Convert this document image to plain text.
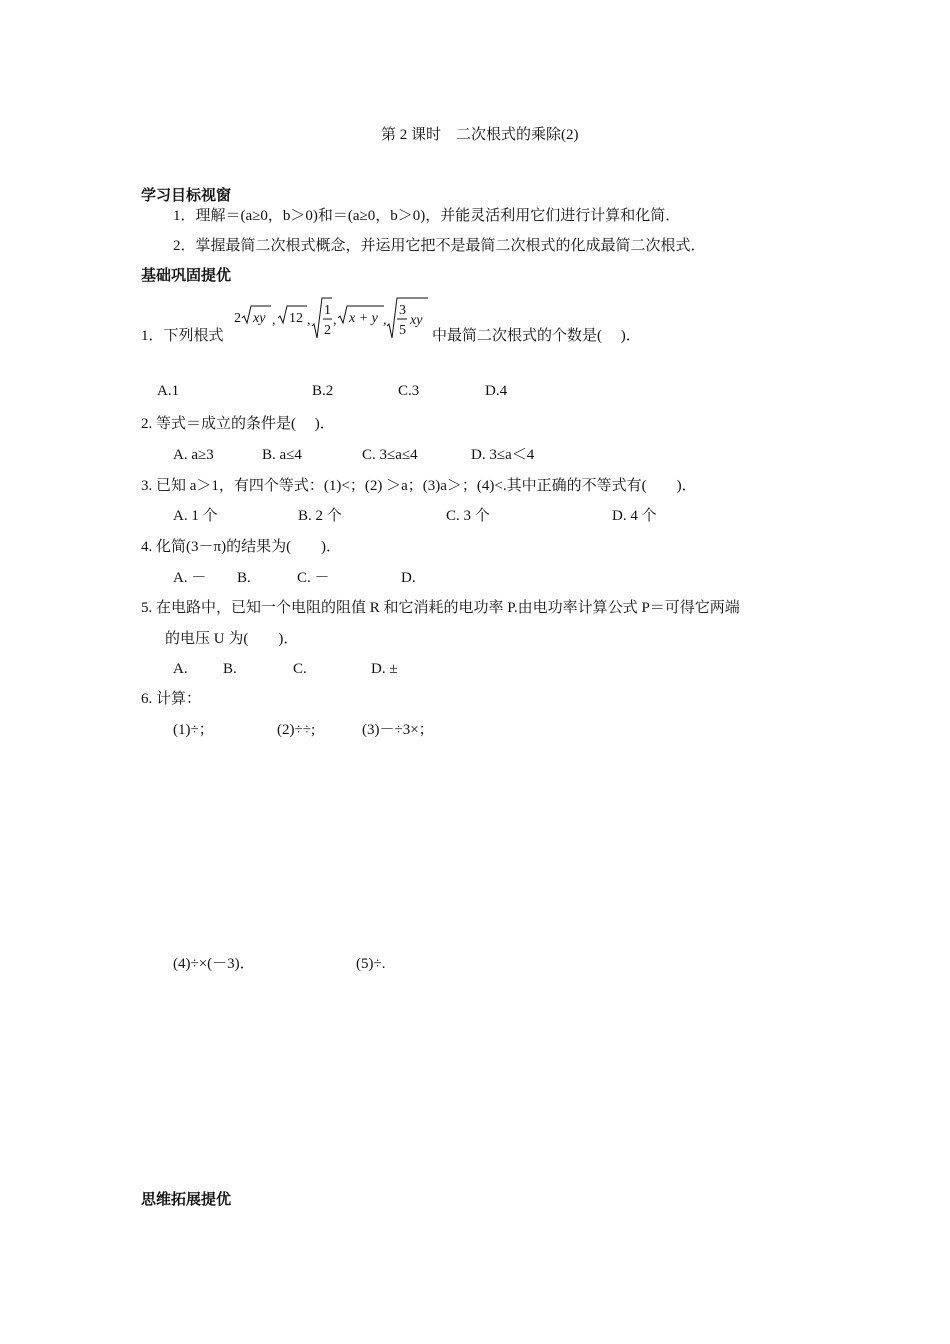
第 2 课时　二次根式的乘除(2)
学习目标视窗
1．理解＝(a≥0，b＞0)和＝(a≥0，b＞0)，并能灵活利用它们进行计算和化简．
2．掌握最简二次根式概念，并运用它把不是最简二次根式的化成最简二次根式．
基础巩固提优
1．下列根式
2 xy , 12 ,
1
2
, x + y ,
3
5
xy
中最简二次根式的个数是(　 )．
A.1	B.2	C.3	D.4
2. 等式＝成立的条件是(　 )．
A. a≥3	B. a≤4	C. 3≤a≤4	D. 3≤a＜4
3. 已知 a＞1，有四个等式：(1)<；(2) ＞a；(3)a＞；(4)<.其中正确的不等式有(　　)．
A. 1 个	B. 2 个	C. 3 个	D. 4 个
4. 化简(3－π)的结果为(　　)．
A. － B.	C. －	D.
5. 在电路中，已知一个电阻的阻值 R 和它消耗的电功率 P.由电功率计算公式 P＝可得它两端
的电压 U 为(　　)．
A. B.	C.	D. ±
6. 计算：
(1)÷；	(2)÷÷;	(3)－÷3×；
(4)÷×(－3)．	(5)÷.
思维拓展提优
